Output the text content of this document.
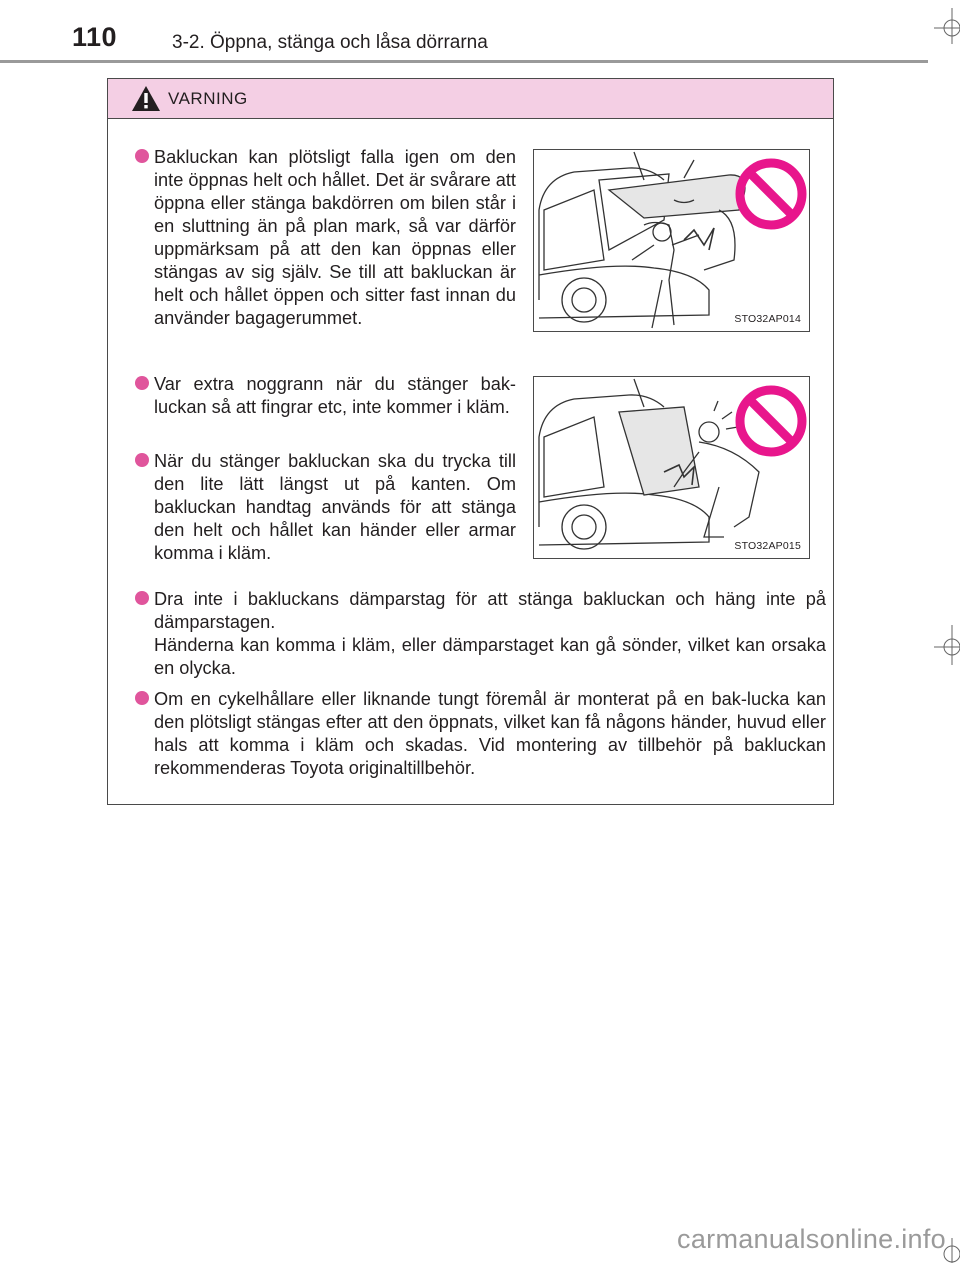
110	3-2. Öppna, stänga och låsa dörrarna
VARNING

Bakluckan kan plötsligt falla igen om den inte öppnas helt och hållet. Det är svårare att öppna eller stänga bakdörren om bilen står i en sluttning än på plan mark, så var därför uppmärksam på att den kan öppnas eller stängas av sig själv. Se till att bakluckan är helt och hållet öppen och sitter fast innan du använder bagagerummet.	STO32AP014

Var extra noggrann när du stänger bak-luckan så att fingrar etc, inte kommer i kläm.

När du stänger bakluckan ska du trycka till den lite lätt längst ut på kanten. Om bakluckan handtag används för att stänga den helt och hållet kan händer eller armar komma i kläm.	STO32AP015

Dra inte i bakluckans dämparstag för att stänga bakluckan och häng inte på dämparstagen.

Händerna kan komma i kläm, eller dämparstaget kan gå sönder, vilket kan orsaka en olycka.

Om en cykelhållare eller liknande tungt föremål är monterat på en bak-lucka kan den plötsligt stängas efter att den öppnats, vilket kan få någons händer, huvud eller hals att komma i kläm och skadas. Vid montering av tillbehör på bakluckan rekommenderas Toyota originaltillbehör.

carmanualsonline.info
